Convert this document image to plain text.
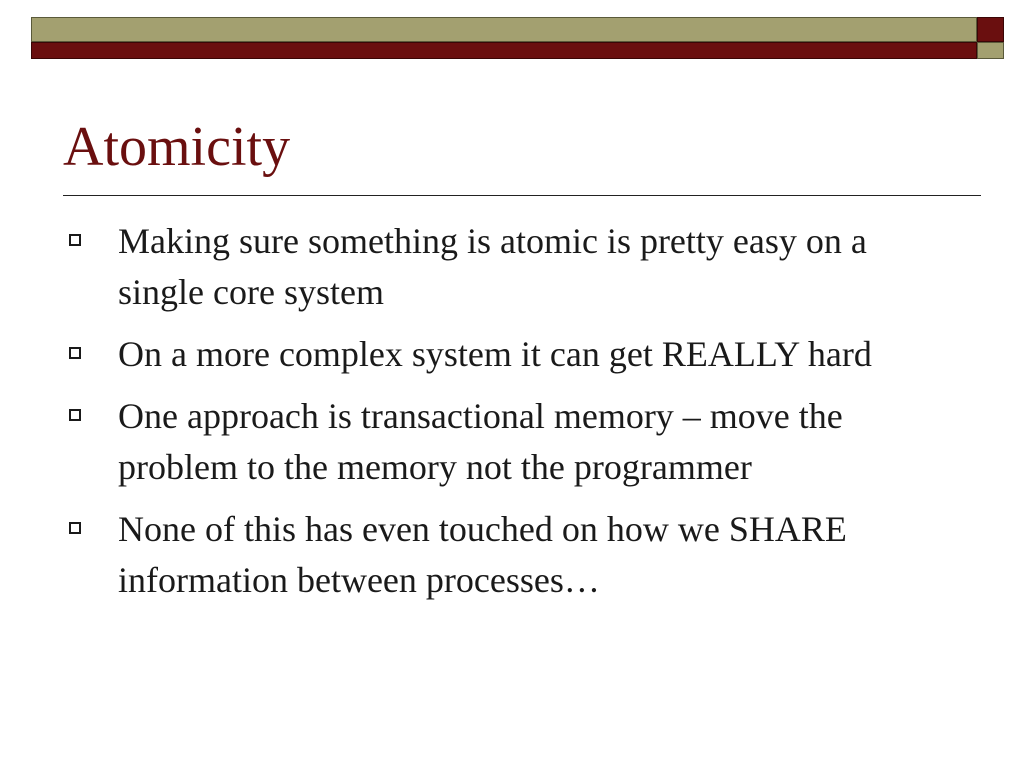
Atomicity
Making sure something is atomic is pretty easy on a single core system
On a more complex system it can get REALLY hard
One approach is transactional memory – move the problem to the memory not the programmer
None of this has even touched on how we SHARE information between processes…
